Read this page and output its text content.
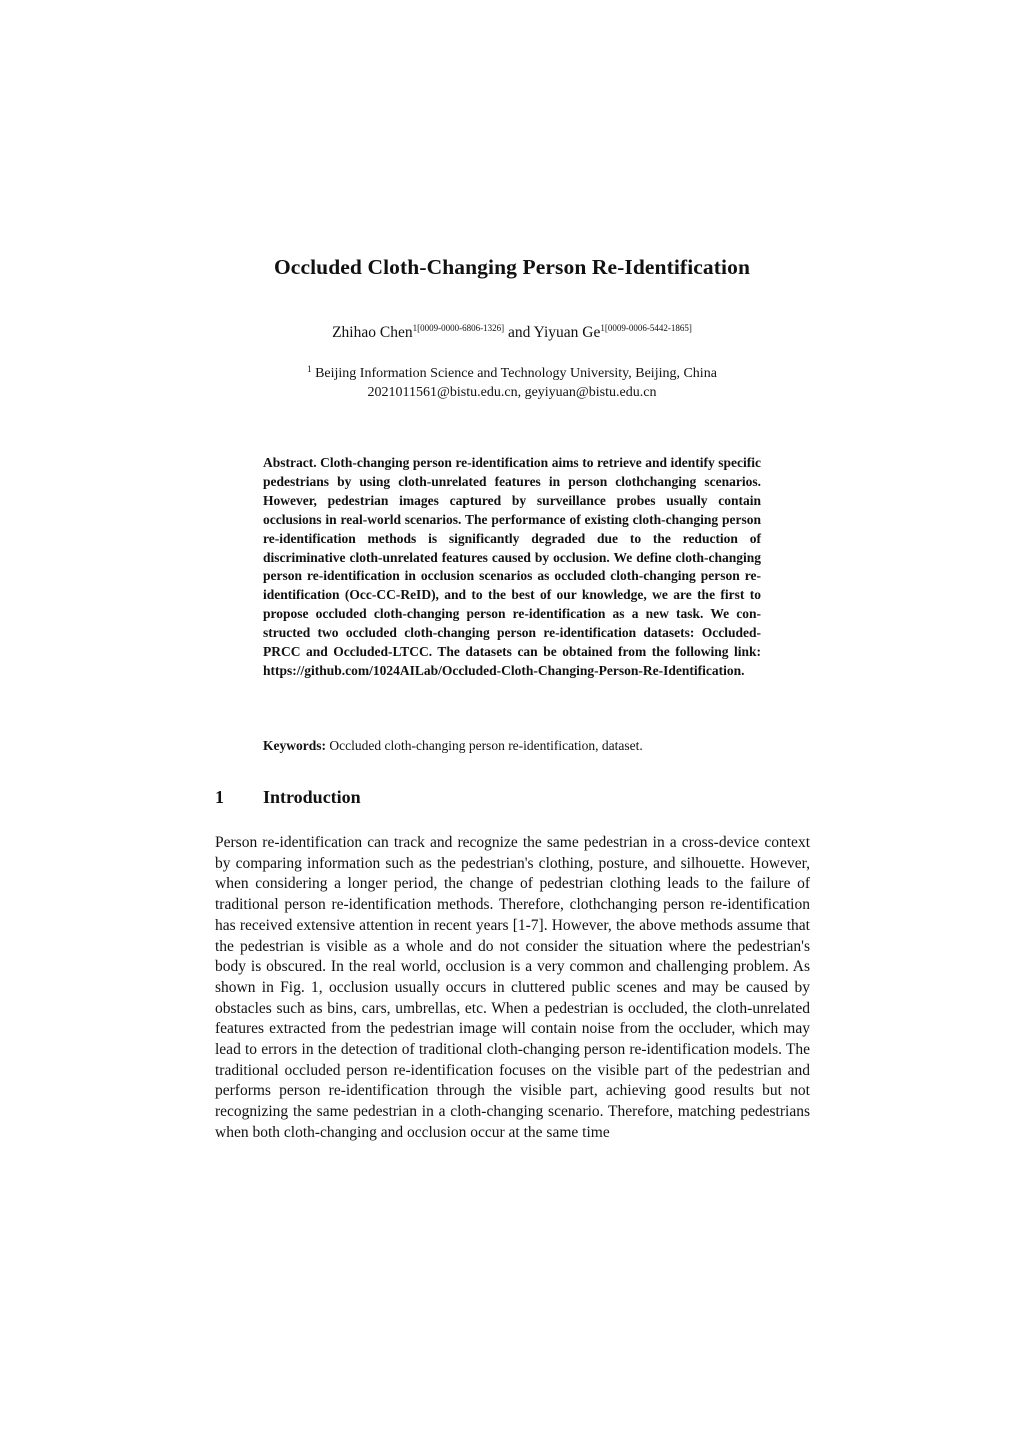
Occluded Cloth-Changing Person Re-Identification
Zhihao Chen$^{1[0009-0000-6806-1326]}$ and Yiyuan $Ge^{1[0009-0006-5442-1865]}$
$^1$ Beijing Information Science and Technology University, Beijing, China
2021011561@bistu.edu.cn, geyiyuan@bistu.edu.cn
Abstract. Cloth-changing person re-identification aims to retrieve and identify specific pedestrians by using cloth-unrelated features in person clothchanging scenarios. However, pedestrian images captured by surveillance probes usually contain occlusions in real-world scenarios. The performance of existing cloth-changing person re-identification methods is significantly degraded due to the reduction of discriminative cloth-unrelated features caused by occlusion. We define cloth-changing person re-identification in occlusion scenarios as occluded cloth-changing person re-identification (Occ-CC-ReID), and to the best of our knowledge, we are the first to propose occluded cloth-changing person re-identification as a new task. We constructed two occluded cloth-changing person re-identification datasets: Occluded-PRCC and Occluded-LTCC. The datasets can be obtained from the following link: https://github.com/1024AILab/Occluded-Cloth-Changing-Person-Re-Identification.
Keywords: Occluded cloth-changing person re-identification, dataset.
1 Introduction
Person re-identification can track and recognize the same pedestrian in a cross-device context by comparing information such as the pedestrian's clothing, posture, and silhouette. However, when considering a longer period, the change of pedestrian clothing leads to the failure of traditional person re-identification methods. Therefore, clothchanging person re-identification has received extensive attention in recent years [1-7]. However, the above methods assume that the pedestrian is visible as a whole and do not consider the situation where the pedestrian's body is obscured. In the real world, occlusion is a very common and challenging problem. As shown in Fig. 1, occlusion usually occurs in cluttered public scenes and may be caused by obstacles such as bins, cars, umbrellas, etc. When a pedestrian is occluded, the cloth-unrelated features extracted from the pedestrian image will contain noise from the occluder, which may lead to errors in the detection of traditional cloth-changing person re-identification models. The traditional occluded person re-identification focuses on the visible part of the pedestrian and performs person re-identification through the visible part, achieving good results but not recognizing the same pedestrian in a cloth-changing scenario. Therefore, matching pedestrians when both cloth-changing and occlusion occur at the same time
